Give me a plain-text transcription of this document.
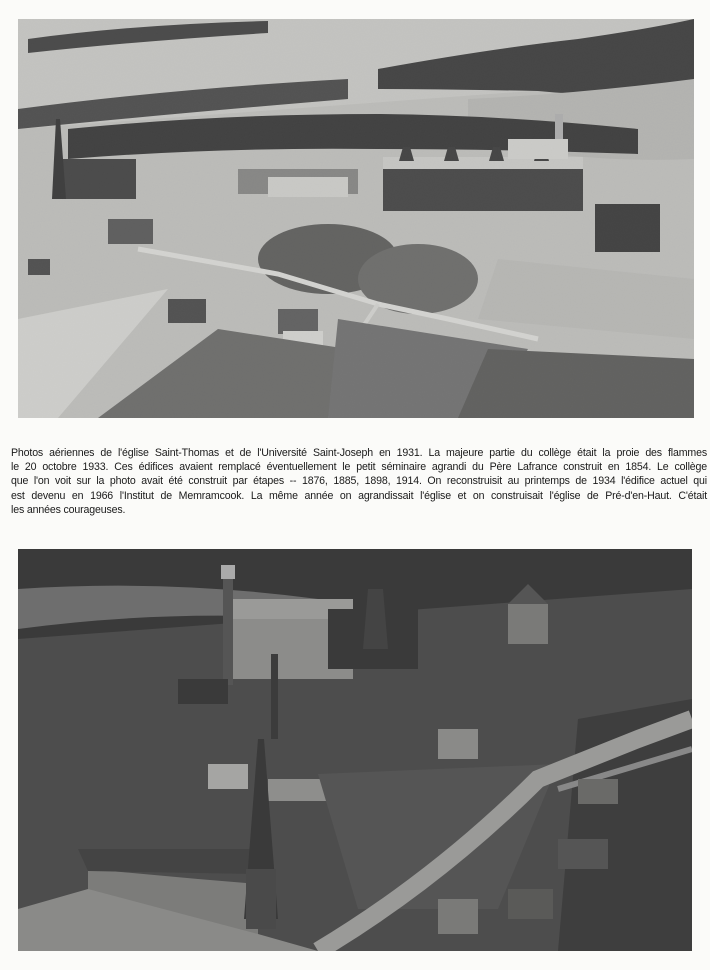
Photos aériennes de l'église Saint-Thomas et de l'Université Saint-Joseph en 1931. La majeure partie du collège était la proie des flammes
le 20 octobre 1933. Ces édifices avaient remplacé éventuellement le petit séminaire agrandi du Père Lafrance construit en 1854. Le collège
que l'on voit sur la photo avait été construit par étapes -- 1876, 1885, 1898, 1914. On reconstruisit au printemps de 1934 l'édifice actuel qui
est devenu en 1966 l'Institut de Memramcook. La même année on agrandissait l'église et on construisait l'église de Pré-d'en-Haut. C'était
les années courageuses.
